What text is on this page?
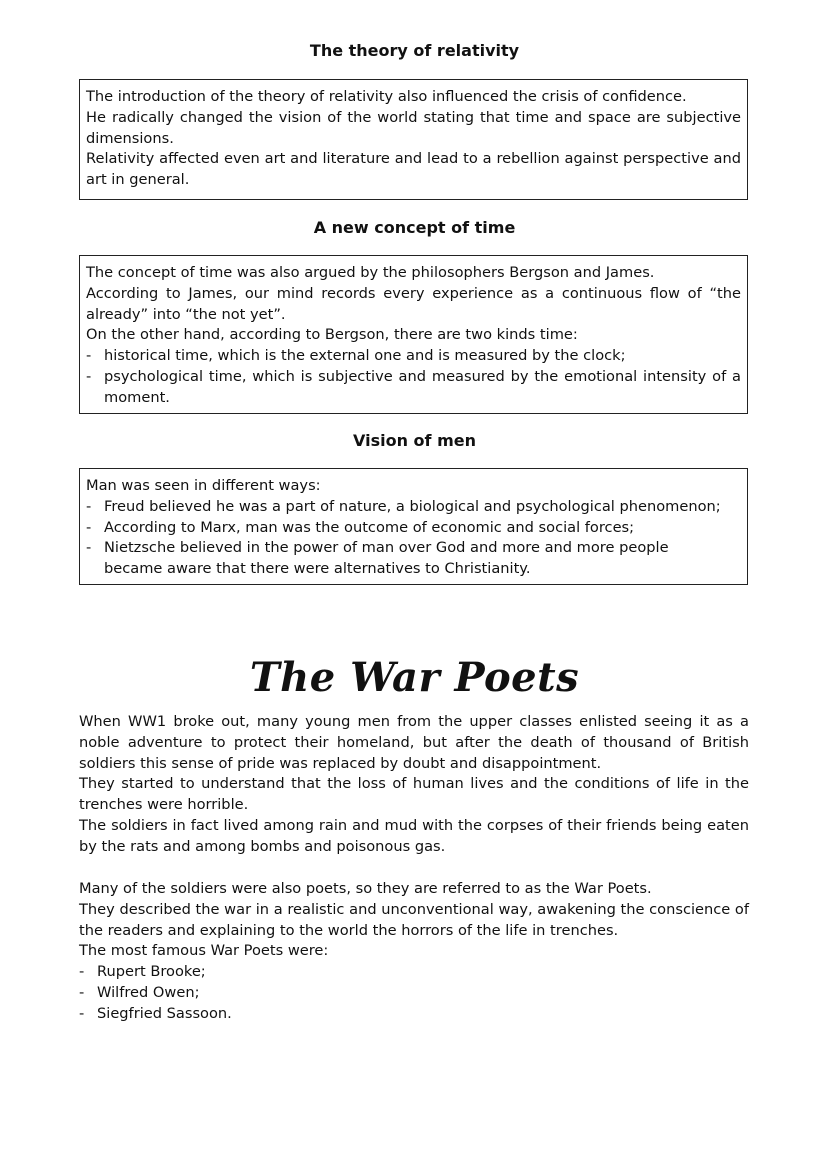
The theory of relativity

The introduction of the theory of relativity also influenced the crisis of confidence.

He radically changed the vision of the world stating that time and space are subjective dimensions.

Relativity affected even art and literature and lead to a rebellion against perspective and art in general.

A new concept of time

The concept of time was also argued by the philosophers Bergson and James.

According to James, our mind records every experience as a continuous flow of “the already” into “the not yet”.

On the other hand, according to Bergson, there are two kinds time:

- historical time, which is the external one and is measured by the clock;
- psychological time, which is subjective and measured by the emotional intensity of a moment.
Vision of men

Man was seen in different ways:

- Freud believed he was a part of nature, a biological and psychological phenomenon;
- According to Marx, man was the outcome of economic and social forces;
- Nietzsche believed in the power of man over God and more and more people became aware that there were alternatives to Christianity.
The War Poets

When WW1 broke out, many young men from the upper classes enlisted seeing it as a noble adventure to protect their homeland, but after the death of thousand of British soldiers this sense of pride was replaced by doubt and disappointment.

They started to understand that the loss of human lives and the conditions of life in the trenches were horrible.

The soldiers in fact lived among rain and mud with the corpses of their friends being eaten by the rats and among bombs and poisonous gas.

Many of the soldiers were also poets, so they are referred to as the War Poets.

They described the war in a realistic and unconventional way, awakening the conscience of the readers and explaining to the world the horrors of the life in trenches.

The most famous War Poets were:

- Rupert Brooke;
- Wilfred Owen;
- Siegfried Sassoon.
